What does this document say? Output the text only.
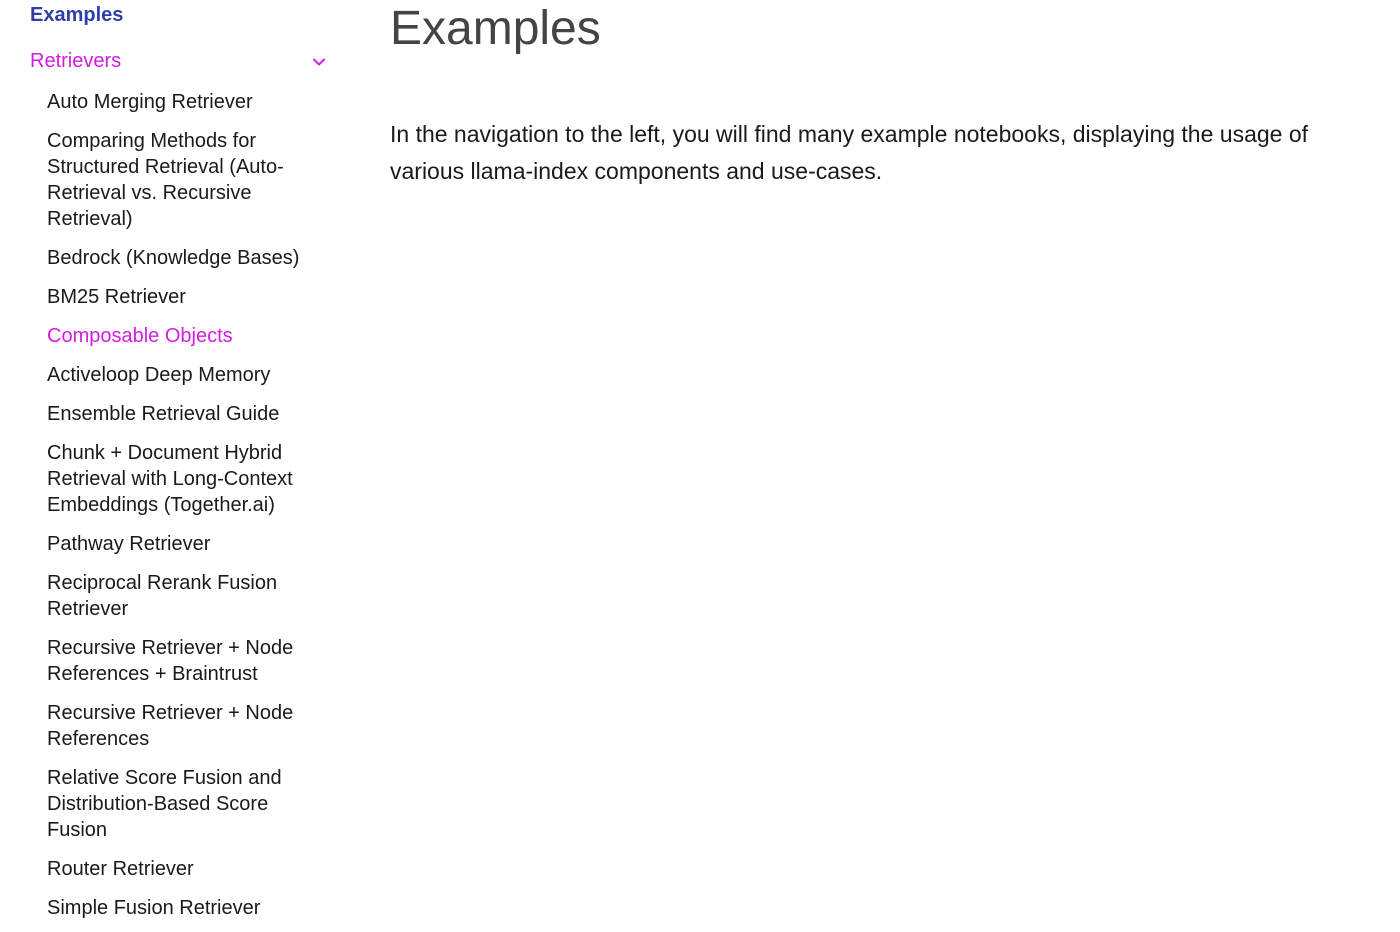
Examples
Retrievers
Auto Merging Retriever
Comparing Methods for Structured Retrieval (Auto-Retrieval vs. Recursive Retrieval)
Bedrock (Knowledge Bases)
BM25 Retriever
Composable Objects
Activeloop Deep Memory
Ensemble Retrieval Guide
Chunk + Document Hybrid Retrieval with Long-Context Embeddings (Together.ai)
Pathway Retriever
Reciprocal Rerank Fusion Retriever
Recursive Retriever + Node References + Braintrust
Recursive Retriever + Node References
Relative Score Fusion and Distribution-Based Score Fusion
Router Retriever
Simple Fusion Retriever
Examples

In the navigation to the left, you will find many example notebooks, displaying the usage of various llama-index components and use-cases.
